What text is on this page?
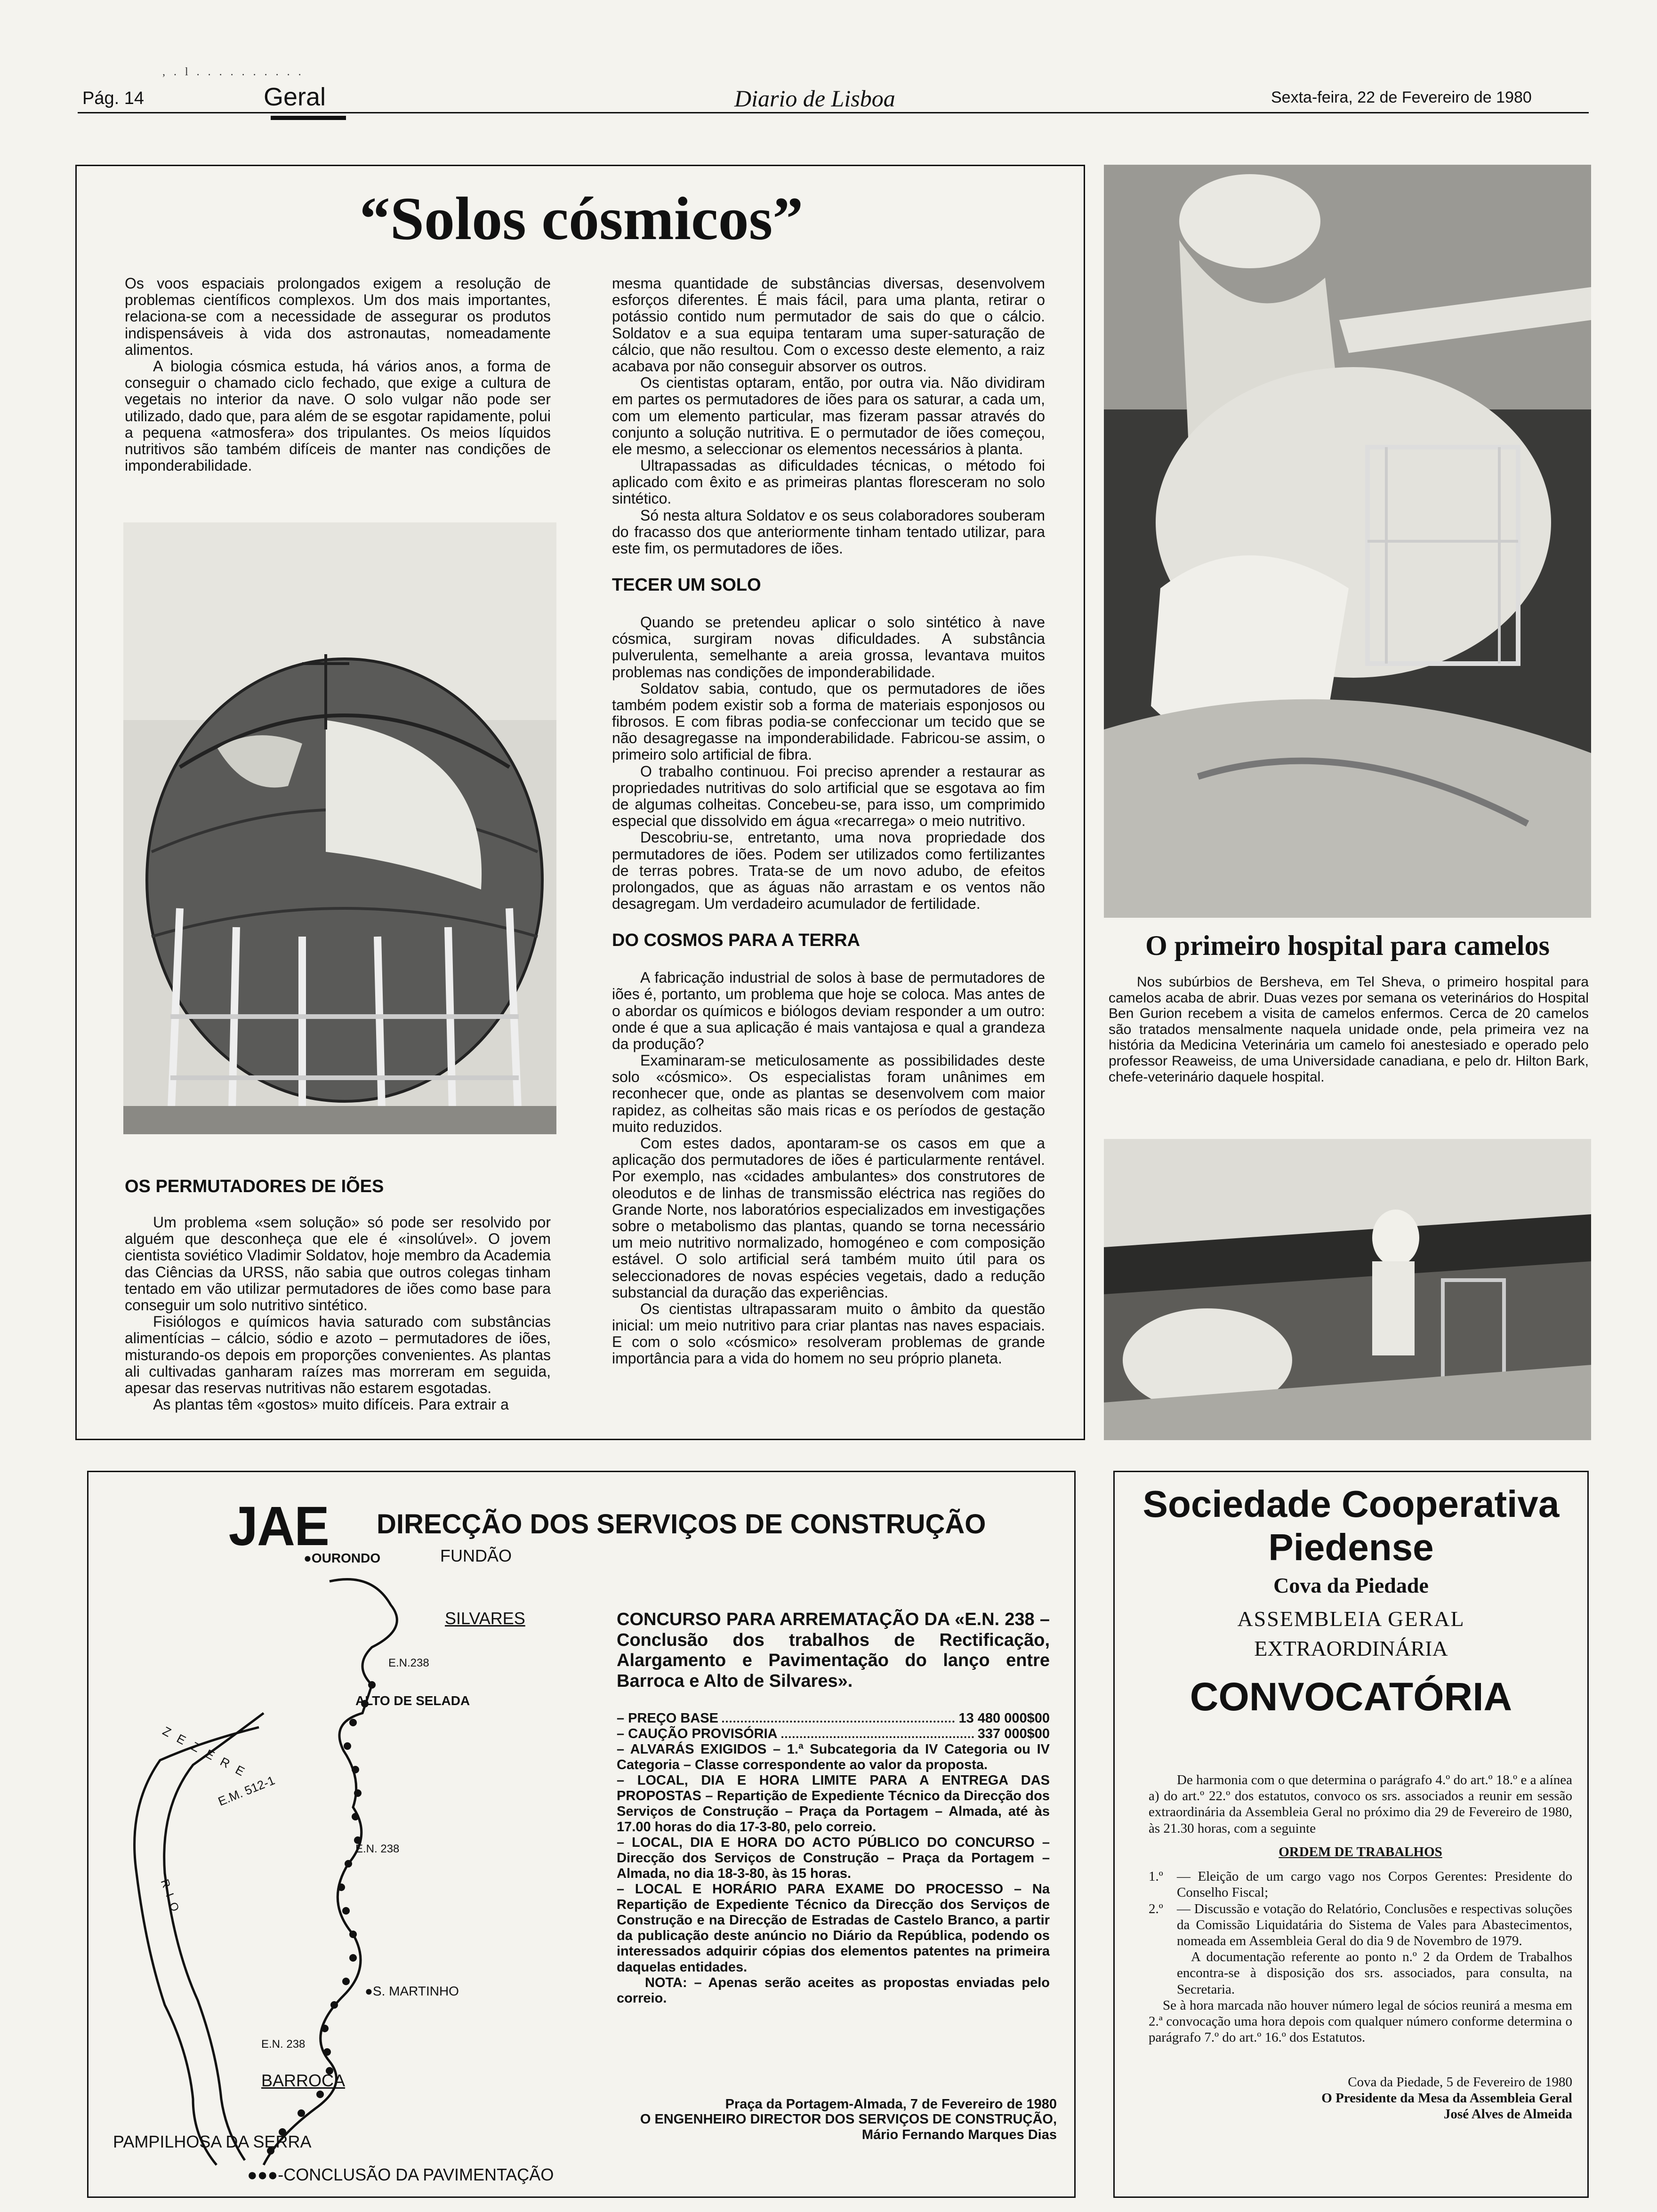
, . l . . . . . . . . . .
Pág. 14	Geral	Diario de Lisboa	Sexta-feira, 22 de Fevereiro de 1980
“Solos cósmicos”

Os voos espaciais prolongados exigem a resolução de problemas científicos complexos. Um dos mais importantes, relaciona-se com a necessidade de assegurar os produtos indispensáveis à vida dos astronautas, nomeadamente alimentos.

A biologia cósmica estuda, há vários anos, a forma de conseguir o chamado ciclo fechado, que exige a cultura de vegetais no interior da nave. O solo vulgar não pode ser utilizado, dado que, para além de se esgotar rapidamente, polui a pequena «atmosfera» dos tripulantes. Os meios líquidos nutritivos são também difíceis de manter nas condições de imponderabilidade.

OS PERMUTADORES DE IÕES

Um problema «sem solução» só pode ser resolvido por alguém que desconheça que ele é «insolúvel». O jovem cientista soviético Vladimir Soldatov, hoje membro da Academia das Ciências da URSS, não sabia que outros colegas tinham tentado em vão utilizar permutadores de iões como base para conseguir um solo nutritivo sintético.

Fisiólogos e químicos havia saturado com substâncias alimentícias – cálcio, sódio e azoto – permutadores de iões, misturando-os depois em proporções convenientes. As plantas ali cultivadas ganharam raízes mas morreram em seguida, apesar das reservas nutritivas não estarem esgotadas.

As plantas têm «gostos» muito difíceis. Para extrair a

mesma quantidade de substâncias diversas, desenvolvem esforços diferentes. É mais fácil, para uma planta, retirar o potássio contido num permutador de sais do que o cálcio. Soldatov e a sua equipa tentaram uma super-saturação de cálcio, que não resultou. Com o excesso deste elemento, a raiz acabava por não conseguir absorver os outros.

Os cientistas optaram, então, por outra via. Não dividiram em partes os permutadores de iões para os saturar, a cada um, com um elemento particular, mas fizeram passar através do conjunto a solução nutritiva. E o permutador de iões começou, ele mesmo, a seleccionar os elementos necessários à planta.

Ultrapassadas as dificuldades técnicas, o método foi aplicado com êxito e as primeiras plantas floresceram no solo sintético.

Só nesta altura Soldatov e os seus colaboradores souberam do fracasso dos que anteriormente tinham tentado utilizar, para este fim, os permutadores de iões.

TECER UM SOLO

Quando se pretendeu aplicar o solo sintético à nave cósmica, surgiram novas dificuldades. A substância pulverulenta, semelhante a areia grossa, levantava muitos problemas nas condições de imponderabilidade.

Soldatov sabia, contudo, que os permutadores de iões também podem existir sob a forma de materiais esponjosos ou fibrosos. E com fibras podia-se confeccionar um tecido que se não desagregasse na imponderabilidade. Fabricou-se assim, o primeiro solo artificial de fibra.

O trabalho continuou. Foi preciso aprender a restaurar as propriedades nutritivas do solo artificial que se esgotava ao fim de algumas colheitas. Concebeu-se, para isso, um comprimido especial que dissolvido em água «recarrega» o meio nutritivo.

Descobriu-se, entretanto, uma nova propriedade dos permutadores de iões. Podem ser utilizados como fertilizantes de terras pobres. Trata-se de um novo adubo, de efeitos prolongados, que as águas não arrastam e os ventos não desagregam. Um verdadeiro acumulador de fertilidade.

DO COSMOS PARA A TERRA

A fabricação industrial de solos à base de permutadores de iões é, portanto, um problema que hoje se coloca. Mas antes de o abordar os químicos e biólogos deviam responder a um outro: onde é que a sua aplicação é mais vantajosa e qual a grandeza da produção?

Examinaram-se meticulosamente as possibilidades deste solo «cósmico». Os especialistas foram unânimes em reconhecer que, onde as plantas se desenvolvem com maior rapidez, as colheitas são mais ricas e os períodos de gestação muito reduzidos.

Com estes dados, apontaram-se os casos em que a aplicação dos permutadores de iões é particularmente rentável. Por exemplo, nas «cidades ambulantes» dos construtores de oleodutos e de linhas de transmissão eléctrica nas regiões do Grande Norte, nos laboratórios especializados em investigações sobre o metabolismo das plantas, quando se torna necessário um meio nutritivo normalizado, homogéneo e com composição estável. O solo artificial será também muito útil para os seleccionadores de novas espécies vegetais, dado a redução substancial da duração das experiências.

Os cientistas ultrapassaram muito o âmbito da questão inicial: um meio nutritivo para criar plantas nas naves espaciais. E com o solo «cósmico» resolveram problemas de grande importância para a vida do homem no seu próprio planeta.

O primeiro hospital para camelos

Nos subúrbios de Bersheva, em Tel Sheva, o primeiro hospital para camelos acaba de abrir. Duas vezes por semana os veterinários do Hospital Ben Gurion recebem a visita de camelos enfermos. Cerca de 20 camelos são tratados mensalmente naquela unidade onde, pela primeira vez na história da Medicina Veterinária um camelo foi anestesiado e operado pelo professor Reaweiss, de uma Universidade canadiana, e pelo dr. Hilton Bark, chefe-veterinário daquele hospital.

JAE DIRECÇÃO DOS SERVIÇOS DE CONSTRUÇÃO
●OURONDO	FUNDÃO
SILVARES
E.N.238
ALTO DE SELADA
ZEZERE
E.M. 512-1
E.N. 238
RIO
●S. MARTINHO
E.N. 238
BARROCA
PAMPILHOSA DA SERRA
●●●-CONCLUSÃO DA PAVIMENTAÇÃO

CONCURSO PARA ARREMATAÇÃO DA «E.N. 238 – Conclusão dos trabalhos de Rectificação, Alargamento e Pavimentação do lanço entre Barroca e Alto de Silvares».

– PREÇO BASE	13 480 000$00
– CAUÇÃO PROVISÓRIA	337 000$00

– ALVARÁS EXIGIDOS – 1.ª Subcategoria da IV Categoria ou IV Categoria – Classe correspondente ao valor da proposta.

– LOCAL, DIA E HORA LIMITE PARA A ENTREGA DAS PROPOSTAS – Repartição de Expediente Técnico da Direcção dos Serviços de Construção – Praça da Portagem – Almada, até às 17.00 horas do dia 17-3-80, pelo correio.

– LOCAL, DIA E HORA DO ACTO PÚBLICO DO CONCURSO – Direcção dos Serviços de Construção – Praça da Portagem – Almada, no dia 18-3-80, às 15 horas.

– LOCAL E HORÁRIO PARA EXAME DO PROCESSO – Na Repartição de Expediente Técnico da Direcção dos Serviços de Construção e na Direcção de Estradas de Castelo Branco, a partir da publicação deste anúncio no Diário da República, podendo os interessados adquirir cópias dos elementos patentes na primeira daquelas entidades.

NOTA: – Apenas serão aceites as propostas enviadas pelo correio.

Praça da Portagem-Almada, 7 de Fevereiro de 1980
O ENGENHEIRO DIRECTOR DOS SERVIÇOS DE CONSTRUÇÃO,
Mário Fernando Marques Dias
Sociedade Cooperativa
Piedense
Cova da Piedade
ASSEMBLEIA GERAL
EXTRAORDINÁRIA
CONVOCATÓRIA

De harmonia com o que determina o parágrafo 4.º do art.º 18.º e a alínea a) do art.º 22.º dos estatutos, convoco os srs. associados a reunir em sessão extraordinária da Assembleia Geral no próximo dia 29 de Fevereiro de 1980, às 21.30 horas, com a seguinte

ORDEM DE TRABALHOS
1.º	— Eleição de um cargo vago nos Corpos Gerentes: Presidente do Conselho Fiscal;
2.º	— Discussão e votação do Relatório, Conclusões e respectivas soluções da Comissão Liquidatária do Sistema de Vales para Abastecimentos, nomeada em Assembleia Geral do dia 9 de Novembro de 1979.

A documentação referente ao ponto n.º 2 da Ordem de Trabalhos encontra-se à disposição dos srs. associados, para consulta, na Secretaria.

Se à hora marcada não houver número legal de sócios reunirá a mesma em 2.ª convocação uma hora depois com qualquer número conforme determina o parágrafo 7.º do art.º 16.º dos Estatutos.

Cova da Piedade, 5 de Fevereiro de 1980
O Presidente da Mesa da Assembleia Geral
José Alves de Almeida
